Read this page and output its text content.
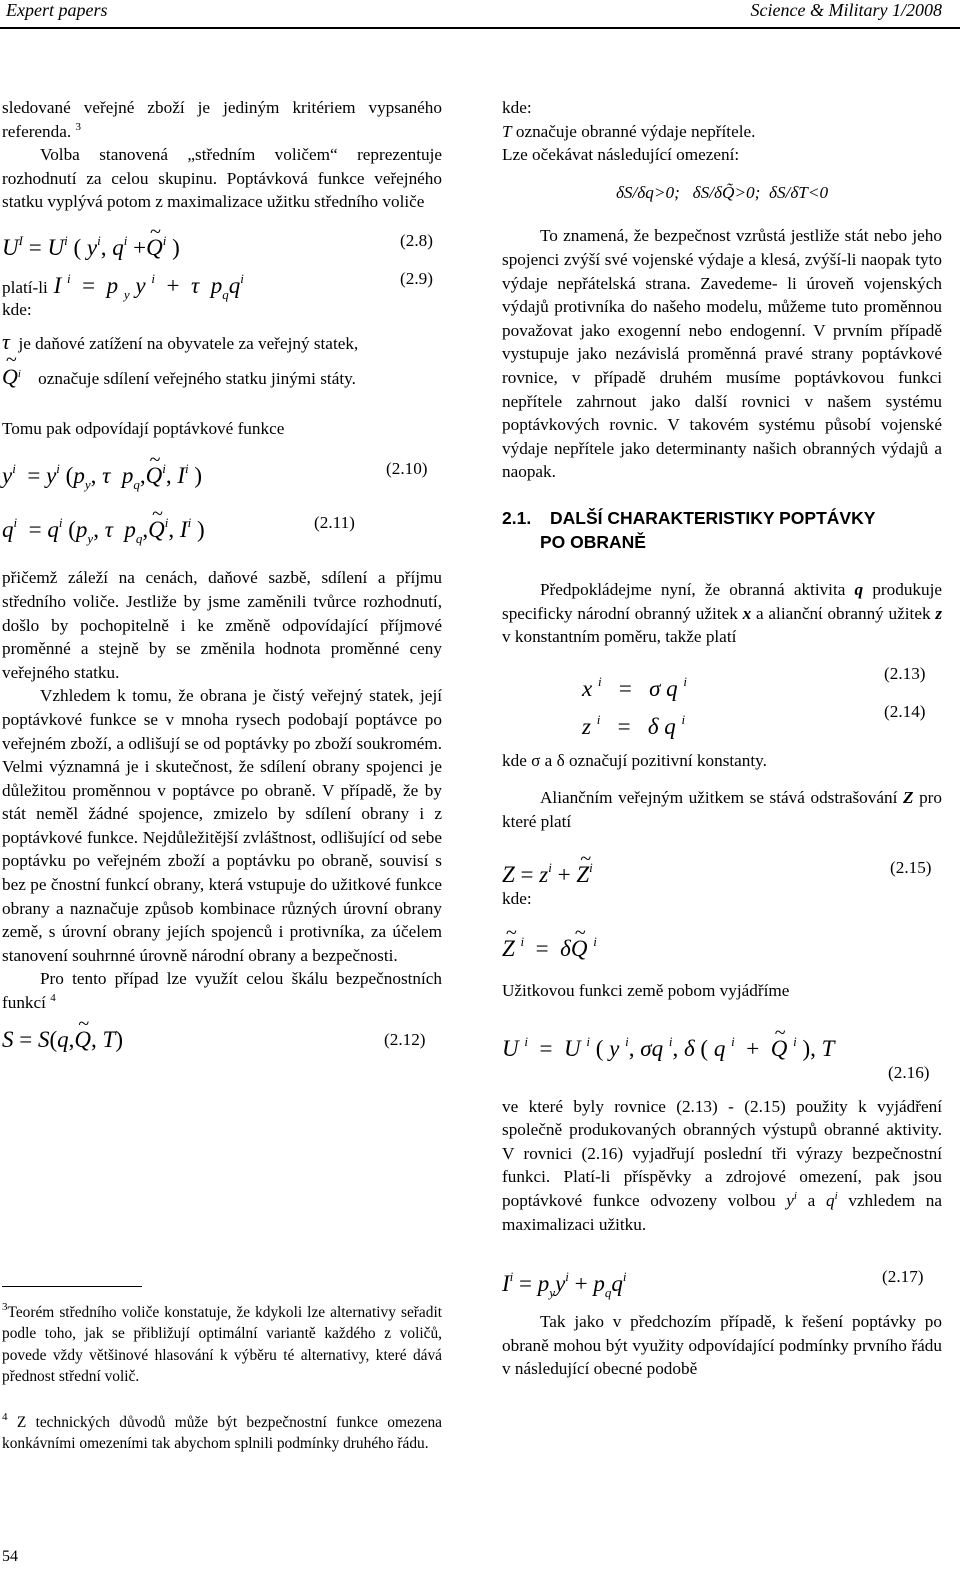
Expert papers	Science & Military 1/2008

sledované veřejné zboží je jediným kritériem vypsaného referenda. $^3$

Volba stanovená „středním voličem“ reprezentuje rozhodnutí za celou skupinu. Poptávková funkce veřejného statku vyplývá potom z maximalizace užitku středního voliče

$U^I = U^i$ ( $y^i$, $q^i$ +~ $Q^i$ )	(2.8)
platí-li I $^i$ =  p $_y$ y $^i$ +  τ  $p_qq^i$	(2.9)

kde:

τ je daňové zatížení na obyvatele za veřejný statek,

~ $Q^i$ označuje sdílení veřejného statku jinými státy.

Tomu pak odpovídají poptávkové funkce

$y^i = y^i$ ($p_y$, τ  $p_q,\sim$ $Q^i$, $I^i$ )	(2.10)
$q^i = q^i$ ($p_y$, τ  $p_q,\sim$ $Q^i$, $I^i$ )	(2.11)

přičemž záleží na cenách, daňové sazbě, sdílení a příjmu středního voliče. Jestliže by jsme zaměnili tvůrce rozhodnutí, došlo by pochopitelně i ke změně odpovídající příjmové proměnné a stejně by se změnila hodnota proměnné ceny veřejného statku.

Vzhledem k tomu, že obrana je čistý veřejný statek, její poptávkové funkce se v mnoha rysech podobají poptávce po veřejném zboží, a odlišují se od poptávky po zboží soukromém. Velmi významná je i skutečnost, že sdílení obrany spojenci je důležitou proměnnou v poptávce po obraně. V případě, že by stát neměl žádné spojence, zmizelo by sdílení obrany i z poptávkové funkce. Nejdůležitější zvláštnost, odlišující od sebe poptávku po veřejném zboží a poptávku po obraně, souvisí s bez pe čnostní funkcí obrany, která vstupuje do užitkové funkce obrany a naznačuje způsob kombinace různých úrovní obrany země, s úrovní obrany jejích spojenců i protivníka, za účelem stanovení souhrnné úrovně národní obrany a bezpečnosti.

Pro tento případ lze využít celou škálu bezpečnostních funkcí $^4$

S = S(q,~ Q, T)	(2.12)
$^3$Teorém středního voliče konstatuje, že kdykoli lze alternativy seřadit podle toho, jak se přibližují optimální variantě každého z voličů, povede vždy většinové hlasování k výběru té alternativy, které dává přednost střední volič.
$^4$ Z technických důvodů může být bezpečnostní funkce omezena konkávními omezeními tak abychom splnili podmínky druhého řádu.

kde:

T označuje obranné výdaje nepřítele.

Lze očekávat následující omezení:

δS/δq>0;   δS/δQ̃>0;  δS/δT<0

To znamená, že bezpečnost vzrůstá jestliže stát nebo jeho spojenci zvýší své vojenské výdaje a klesá, zvýší-li naopak tyto výdaje nepřátelská strana. Zavedeme- li úroveň vojenských výdajů protivníka do našeho modelu, můžeme tuto proměnnou považovat jako exogenní nebo endogenní. V prvním případě vystupuje jako nezávislá proměnná pravé strany poptávkové rovnice, v případě druhém musíme poptávkovou funkci nepřítele zahrnout jako další rovnici v našem systému poptávkových rovnic. V takovém systému působí vojenské výdaje nepřítele jako determinanty našich obranných výdajů a naopak.

2.1. DALŠÍ CHARAKTERISTIKY POPTÁVKY
PO OBRANĚ

Předpokládejme nyní, že obranná aktivita q produkuje specificky národní obranný užitek x a aliančnί obranný užitek z v konstantním poměru, takže platí

x $^i$ =   σ q $^i$	(2.13)
z $^i$ =   δ q $^i$	(2.14)

kde σ a δ označují pozitivní konstanty.

Aliančním veřejným užitkem se stává odstrašování Z pro které platí

$Z = z^i$ + ~ $Z^i$	(2.15)

kde:

~ Z $^i$ =  δ~ Q $^i$

Užitkovou funkci země pobom vyjádříme

U $^i$ =  U $^i$ ( y $^i$, σq $^i$, δ ( q $^i$ + ~ Q $^i$ ), T
(2.16)

ve které byly rovnice (2.13) - (2.15) použity k vyjádření společně produkovaných obranných výstupů obranné aktivity. V rovnici (2.16) vyjadřují poslední tři výrazy bezpečnostní funkci. Platí-li příspěvky a zdrojové omezení, pak jsou poptávkové funkce odvozeny volbou $y^i$ a $q^i$ vzhledem na maximalizaci užitku.

$I^i = p_yy^i + p_qq^i$	(2.17)

Tak jako v předchozím případě, k řešení poptávky po obraně mohou být využity odpovídající podmínky prvního řádu v následující obecné podobě

54
